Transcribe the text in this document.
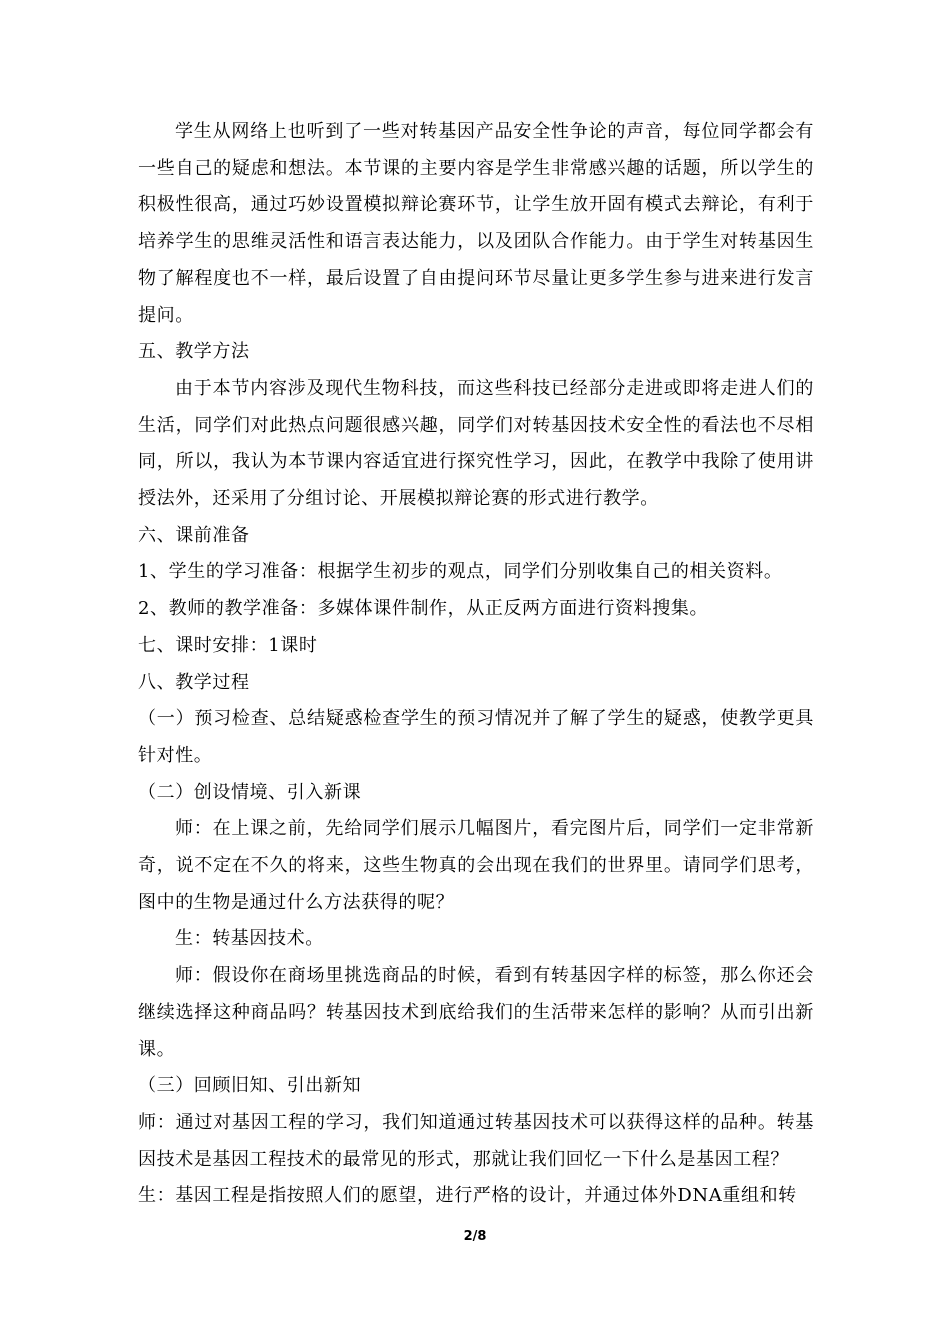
学生从网络上也听到了一些对转基因产品安全性争论的声音，每位同学都会有一些自己的疑虑和想法。本节课的主要内容是学生非常感兴趣的话题，所以学生的积极性很高，通过巧妙设置模拟辩论赛环节，让学生放开固有模式去辩论，有利于培养学生的思维灵活性和语言表达能力，以及团队合作能力。由于学生对转基因生物了解程度也不一样，最后设置了自由提问环节尽量让更多学生参与进来进行发言提问。

五、教学方法

由于本节内容涉及现代生物科技，而这些科技已经部分走进或即将走进人们的生活，同学们对此热点问题很感兴趣，同学们对转基因技术安全性的看法也不尽相同，所以，我认为本节课内容适宜进行探究性学习，因此，在教学中我除了使用讲授法外，还采用了分组讨论、开展模拟辩论赛的形式进行教学。

六、课前准备

1、学生的学习准备：根据学生初步的观点，同学们分别收集自己的相关资料。

2、教师的教学准备：多媒体课件制作，从正反两方面进行资料搜集。

七、课时安排：1课时

八、教学过程

（一）预习检查、总结疑惑检查学生的预习情况并了解了学生的疑惑，使教学更具针对性。

（二）创设情境、引入新课

师：在上课之前，先给同学们展示几幅图片，看完图片后，同学们一定非常新奇，说不定在不久的将来，这些生物真的会出现在我们的世界里。请同学们思考，图中的生物是通过什么方法获得的呢？

生：转基因技术。

师：假设你在商场里挑选商品的时候，看到有转基因字样的标签，那么你还会继续选择这种商品吗？转基因技术到底给我们的生活带来怎样的影响？从而引出新课。

（三）回顾旧知、引出新知

师：通过对基因工程的学习，我们知道通过转基因技术可以获得这样的品种。转基因技术是基因工程技术的最常见的形式，那就让我们回忆一下什么是基因工程？

生：基因工程是指按照人们的愿望，进行严格的设计，并通过体外DNA重组和转

2/8
